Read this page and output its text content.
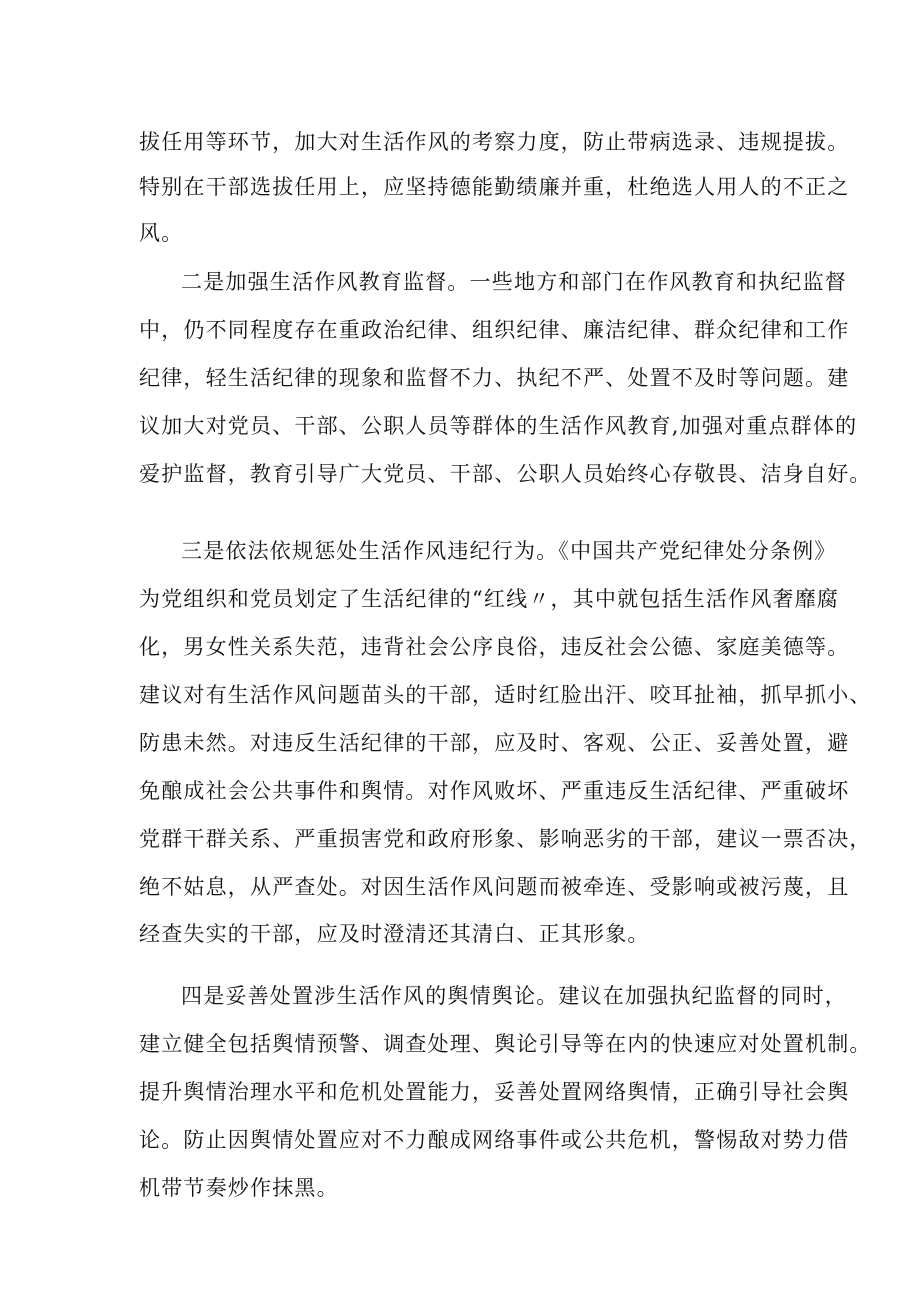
拔任用等环节，加大对生活作风的考察力度，防止带病选录、违规提拔。
特别在干部选拔任用上，应坚持德能勤绩廉并重，杜绝选人用人的不正之
风。
二是加强生活作风教育监督。一些地方和部门在作风教育和执纪监督
中，仍不同程度存在重政治纪律、组织纪律、廉洁纪律、群众纪律和工作
纪律，轻生活纪律的现象和监督不力、执纪不严、处置不及时等问题。建
议加大对党员、干部、公职人员等群体的生活作风教育,加强对重点群体的
爱护监督，教育引导广大党员、干部、公职人员始终心存敬畏、洁身自好。
三是依法依规惩处生活作风违纪行为。《中国共产党纪律处分条例》
为党组织和党员划定了生活纪律的“红线〃，其中就包括生活作风奢靡腐
化，男女性关系失范，违背社会公序良俗，违反社会公德、家庭美德等。
建议对有生活作风问题苗头的干部，适时红脸出汗、咬耳扯袖，抓早抓小、
防患未然。对违反生活纪律的干部，应及时、客观、公正、妥善处置，避
免酿成社会公共事件和舆情。对作风败坏、严重违反生活纪律、严重破坏
党群干群关系、严重损害党和政府形象、影响恶劣的干部，建议一票否决，
绝不姑息，从严查处。对因生活作风问题而被牵连、受影响或被污蔑，且
经查失实的干部，应及时澄清还其清白、正其形象。
四是妥善处置涉生活作风的舆情舆论。建议在加强执纪监督的同时，
建立健全包括舆情预警、调查处理、舆论引导等在内的快速应对处置机制。
提升舆情治理水平和危机处置能力，妥善处置网络舆情，正确引导社会舆
论。防止因舆情处置应对不力酿成网络事件或公共危机，警惕敌对势力借
机带节奏炒作抹黑。
